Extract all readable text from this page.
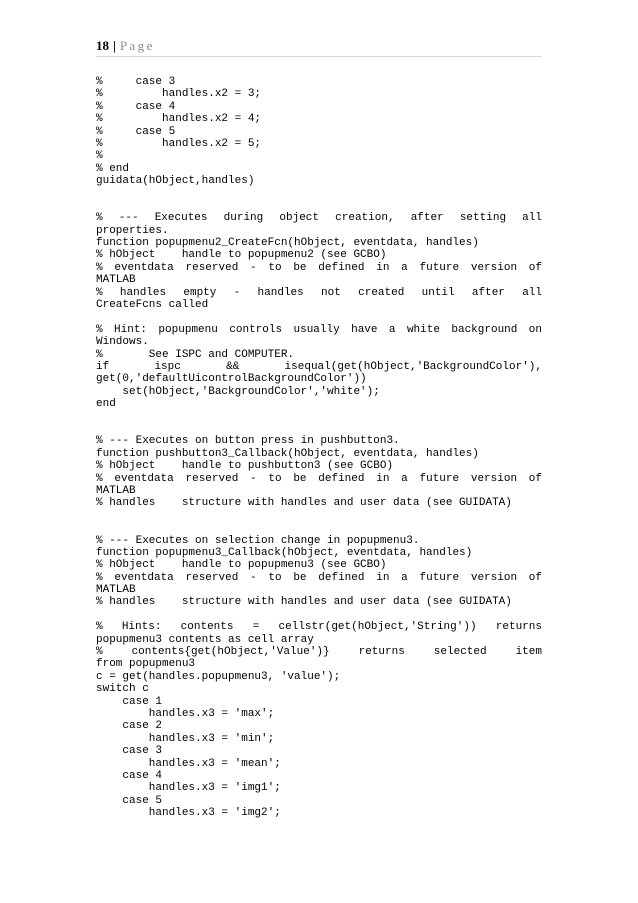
18 | Page
%     case 3
%         handles.x2 = 3;
%     case 4
%         handles.x2 = 4;
%     case 5
%         handles.x2 = 5;
%
% end
guidata(hObject,handles)
% --- Executes during object creation, after setting all
properties.
function popupmenu2_CreateFcn(hObject, eventdata, handles)
% hObject    handle to popupmenu2 (see GCBO)
% eventdata reserved - to be defined in a future version of
MATLAB
% handles empty - handles not created until after all
CreateFcns called
% Hint: popupmenu controls usually have a white background on
Windows.
%       See ISPC and COMPUTER.
if ispc && isequal(get(hObject,'BackgroundColor'),
get(0,'defaultUicontrolBackgroundColor'))
set(hObject,'BackgroundColor','white');
end
% --- Executes on button press in pushbutton3.
function pushbutton3_Callback(hObject, eventdata, handles)
% hObject    handle to pushbutton3 (see GCBO)
% eventdata reserved - to be defined in a future version of
MATLAB
% handles    structure with handles and user data (see GUIDATA)
% --- Executes on selection change in popupmenu3.
function popupmenu3_Callback(hObject, eventdata, handles)
% hObject    handle to popupmenu3 (see GCBO)
% eventdata reserved - to be defined in a future version of
MATLAB
% handles    structure with handles and user data (see GUIDATA)
% Hints: contents = cellstr(get(hObject,'String')) returns
popupmenu3 contents as cell array
% contents{get(hObject,'Value')} returns selected item
from popupmenu3
c = get(handles.popupmenu3, 'value');
switch c
case 1
handles.x3 = 'max';
case 2
handles.x3 = 'min';
case 3
handles.x3 = 'mean';
case 4
handles.x3 = 'img1';
case 5
handles.x3 = 'img2';
